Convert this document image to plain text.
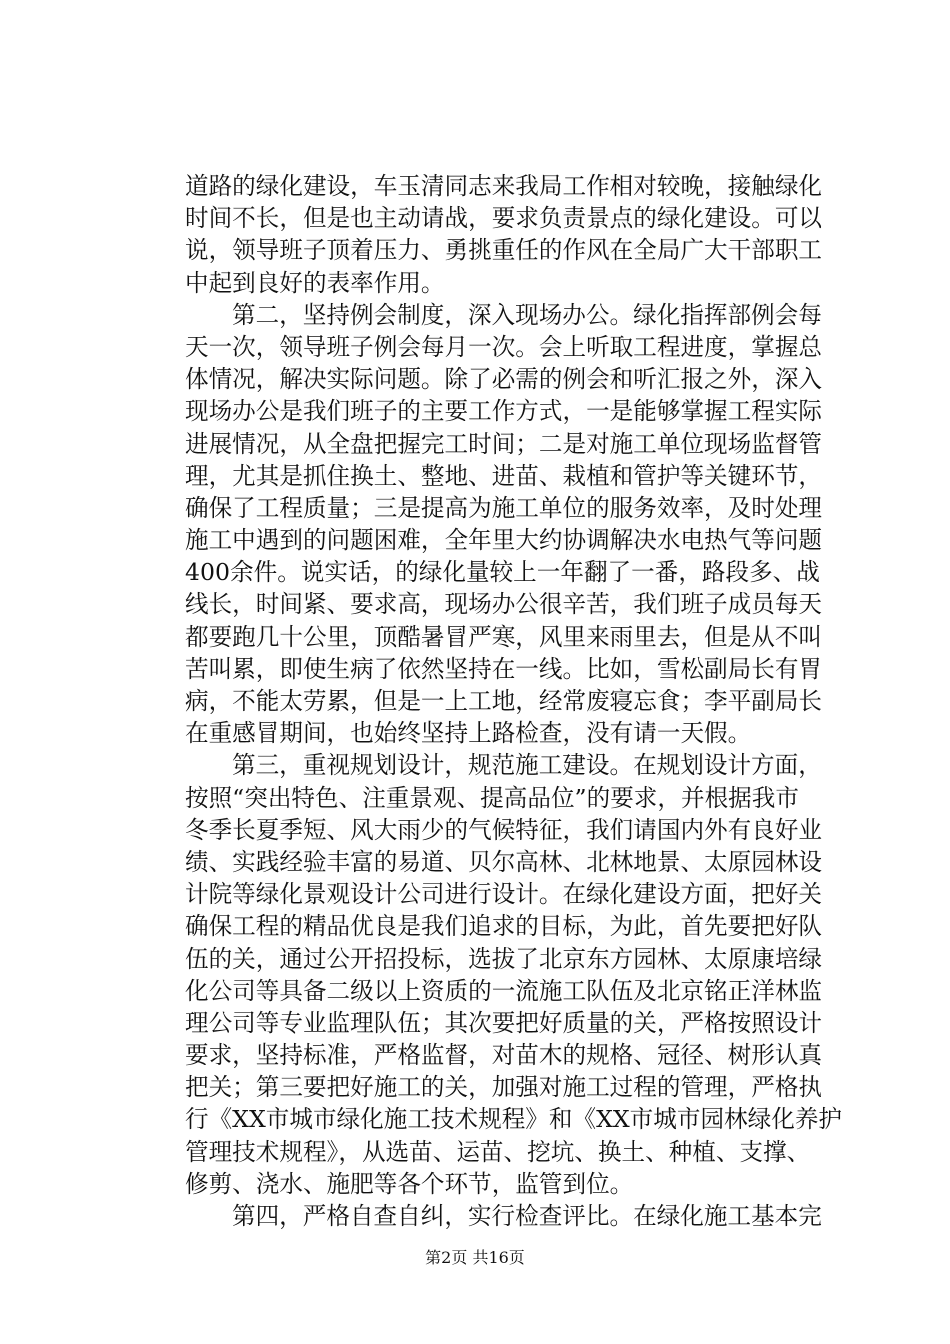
道路的绿化建设，车玉清同志来我局工作相对较晚，接触绿化
时间不长，但是也主动请战，要求负责景点的绿化建设。可以
说，领导班子顶着压力、勇挑重任的作风在全局广大干部职工
中起到良好的表率作用。
第二，坚持例会制度，深入现场办公。绿化指挥部例会每
天一次，领导班子例会每月一次。会上听取工程进度，掌握总
体情况，解决实际问题。除了必需的例会和听汇报之外，深入
现场办公是我们班子的主要工作方式，一是能够掌握工程实际
进展情况，从全盘把握完工时间；二是对施工单位现场监督管
理，尤其是抓住换土、整地、进苗、栽植和管护等关键环节，
确保了工程质量；三是提高为施工单位的服务效率，及时处理
施工中遇到的问题困难，全年里大约协调解决水电热气等问题
400余件。说实话，的绿化量较上一年翻了一番，路段多、战
线长，时间紧、要求高，现场办公很辛苦，我们班子成员每天
都要跑几十公里，顶酷暑冒严寒，风里来雨里去，但是从不叫
苦叫累，即使生病了依然坚持在一线。比如，雪松副局长有胃
病，不能太劳累，但是一上工地，经常废寝忘食；李平副局长
在重感冒期间，也始终坚持上路检查，没有请一天假。
第三，重视规划设计，规范施工建设。在规划设计方面，
按照“突出特色、注重景观、提高品位”的要求，并根据我市
冬季长夏季短、风大雨少的气候特征，我们请国内外有良好业
绩、实践经验丰富的易道、贝尔高林、北林地景、太原园林设
计院等绿化景观设计公司进行设计。在绿化建设方面，把好关
确保工程的精品优良是我们追求的目标，为此，首先要把好队
伍的关，通过公开招投标，选拔了北京东方园林、太原康培绿
化公司等具备二级以上资质的一流施工队伍及北京铭正洋林监
理公司等专业监理队伍；其次要把好质量的关，严格按照设计
要求，坚持标准，严格监督，对苗木的规格、冠径、树形认真
把关；第三要把好施工的关，加强对施工过程的管理，严格执
行《XX市城市绿化施工技术规程》和《XX市城市园林绿化养护
管理技术规程》，从选苗、运苗、挖坑、换土、种植、支撑、
修剪、浇水、施肥等各个环节，监管到位。
第四，严格自查自纠，实行检查评比。在绿化施工基本完
第2页 共16页
